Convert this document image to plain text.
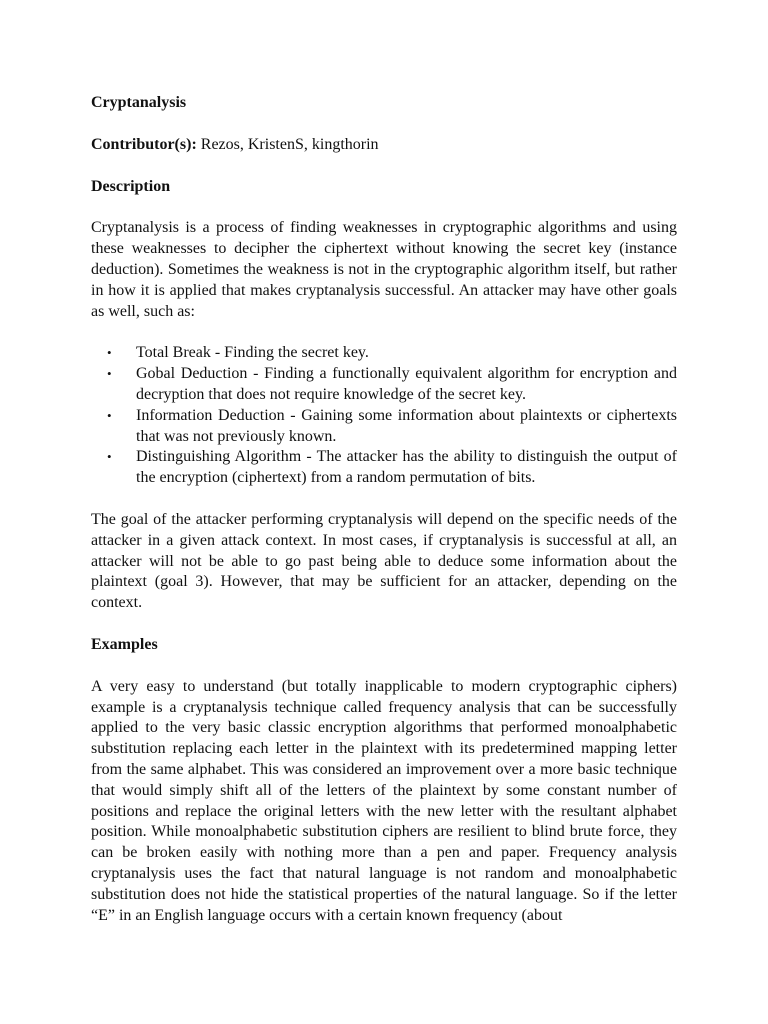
Cryptanalysis
Contributor(s): Rezos, KristenS, kingthorin
Description

Cryptanalysis is a process of finding weaknesses in cryptographic algorithms and using these weaknesses to decipher the ciphertext without knowing the secret key (instance deduction). Sometimes the weakness is not in the cryptographic algorithm itself, but rather in how it is applied that makes cryptanalysis successful. An attacker may have other goals as well, such as:

•
Total Break - Finding the secret key.
•
Gobal Deduction - Finding a functionally equivalent algorithm for encryption and decryption that does not require knowledge of the secret key.
•
Information Deduction - Gaining some information about plaintexts or ciphertexts that was not previously known.
•
Distinguishing Algorithm - The attacker has the ability to distinguish the output of the encryption (ciphertext) from a random permutation of bits.

The goal of the attacker performing cryptanalysis will depend on the specific needs of the attacker in a given attack context. In most cases, if cryptanalysis is successful at all, an attacker will not be able to go past being able to deduce some information about the plaintext (goal 3). However, that may be sufficient for an attacker, depending on the context.

Examples

A very easy to understand (but totally inapplicable to modern cryptographic ciphers) example is a cryptanalysis technique called frequency analysis that can be successfully applied to the very basic classic encryption algorithms that performed monoalphabetic substitution replacing each letter in the plaintext with its predetermined mapping letter from the same alphabet. This was considered an improvement over a more basic technique that would simply shift all of the letters of the plaintext by some constant number of positions and replace the original letters with the new letter with the resultant alphabet position. While monoalphabetic substitution ciphers are resilient to blind brute force, they can be broken easily with nothing more than a pen and paper. Frequency analysis cryptanalysis uses the fact that natural language is not random and monoalphabetic substitution does not hide the statistical properties of the natural language. So if the letter “E” in an English language occurs with a certain known frequency (about
